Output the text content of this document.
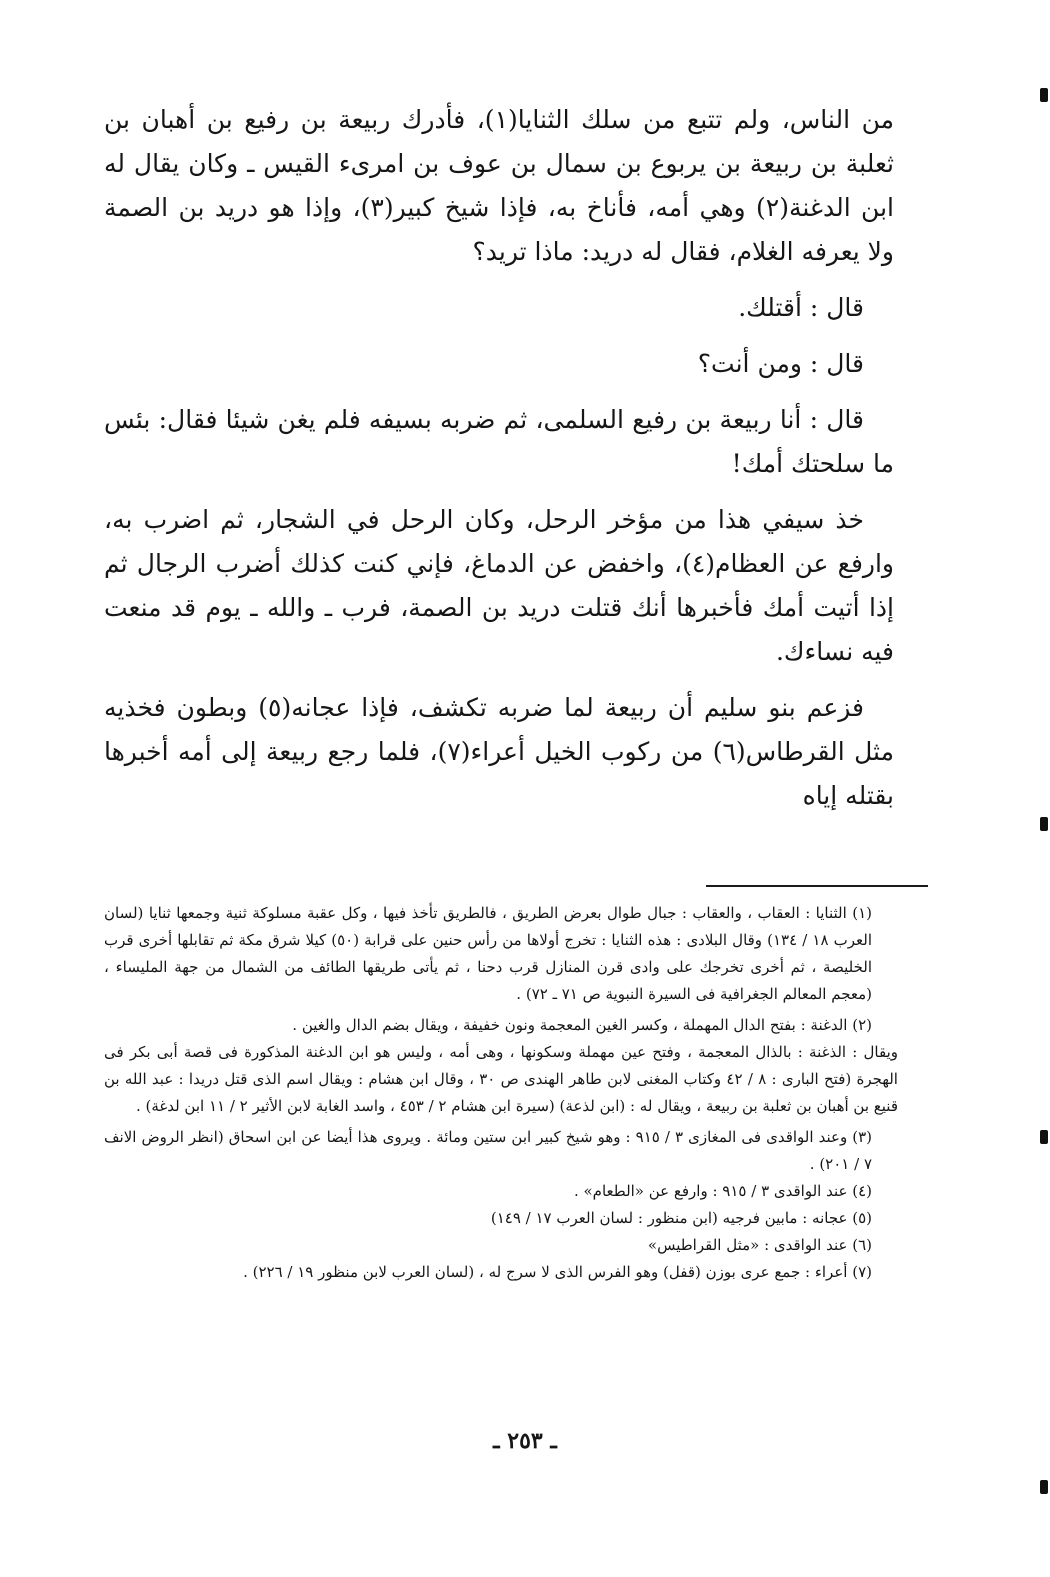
من الناس، ولم تتبع من سلك الثنايا(١)، فأدرك ربيعة بن رفيع بن أهبان بن ثعلبة بن ربيعة بن يربوع بن سمال بن عوف بن امرىء القيس ـ وكان يقال له ابن الدغنة(٢) وهي أمه، فأناخ به، فإذا شيخ كبير(٣)، وإذا هو دريد بن الصمة ولا يعرفه الغلام، فقال له دريد: ماذا تريد؟

قال : أقتلك.

قال : ومن أنت؟

قال : أنا ربيعة بن رفيع السلمى، ثم ضربه بسيفه فلم يغن شيئا فقال: بئس ما سلحتك أمك!

خذ سيفي هذا من مؤخر الرحل، وكان الرحل في الشجار، ثم اضرب به، وارفع عن العظام(٤)، واخفض عن الدماغ، فإني كنت كذلك أضرب الرجال ثم إذا أتيت أمك فأخبرها أنك قتلت دريد بن الصمة، فرب ـ والله ـ يوم قد منعت فيه نساءك.

فزعم بنو سليم أن ربيعة لما ضربه تكشف، فإذا عجانه(٥) وبطون فخذيه مثل القرطاس(٦) من ركوب الخيل أعراء(٧)، فلما رجع ربيعة إلى أمه أخبرها بقتله إياه

(١) الثنايا : العقاب ، والعقاب : جبال طوال بعرض الطريق ، فالطريق تأخذ فيها ، وكل عقبة مسلوكة ثنية وجمعها ثنايا (لسان العرب ١٨ / ١٣٤) وقال البلادى : هذه الثنايا : تخرج أولاها من رأس حنين على قرابة (٥٠) كيلا شرق مكة ثم تقابلها أخرى قرب الخليصة ، ثم أخرى تخرجك على وادى قرن المنازل قرب دحنا ، ثم يأتى طريقها الطائف من الشمال من جهة المليساء ، (معجم المعالم الجغرافية فى السيرة النبوية ص ٧١ ـ ٧٢) .

(٢) الدغنة : بفتح الدال المهملة ، وكسر الغين المعجمة ونون خفيفة ، ويقال بضم الدال والغين .

ويقال : الذغنة : بالذال المعجمة ، وفتح عين مهملة وسكونها ، وهى أمه ، وليس هو ابن الدغنة المذكورة فى قصة أبى بكر فى الهجرة (فتح البارى : ٨ / ٤٢ وكتاب المغنى لابن طاهر الهندى ص ٣٠ ، وقال ابن هشام : ويقال اسم الذى قتل دريدا : عبد الله بن قنيع بن أهبان بن ثعلبة بن ربيعة ، ويقال له : (ابن لذعة) (سيرة ابن هشام ٢ / ٤٥٣ ، واسد الغابة لابن الأثير ٢ / ١١ ابن لدغة) .

(٣) وعند الواقدى فى المغازى ٣ / ٩١٥ : وهو شيخ كبير ابن ستين ومائة . ويروى هذا أيضا عن ابن اسحاق (انظر الروض الانف ٧ / ٢٠١) .

(٤) عند الواقدى ٣ / ٩١٥ : وارفع عن «الطعام» .

(٥) عجانه : مابين فرجيه (ابن منظور : لسان العرب ١٧ / ١٤٩)

(٦) عند الواقدى : «مثل القراطيس»

(٧) أعراء : جمع عرى بوزن (قفل) وهو الفرس الذى لا سرج له ، (لسان العرب لابن منظور ١٩ / ٢٢٦) .

ـ ٢٥٣ ـ
